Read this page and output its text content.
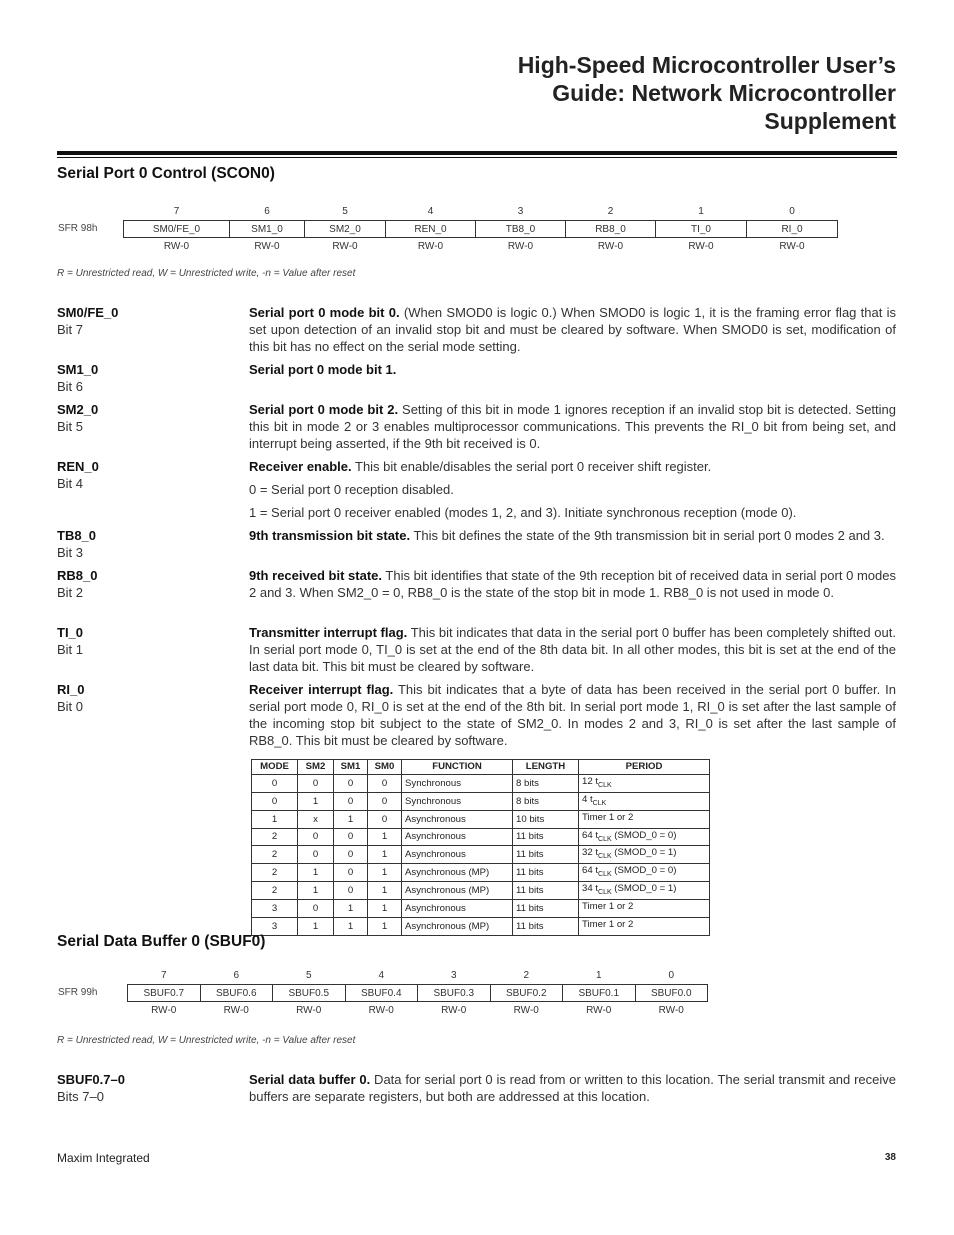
High-Speed Microcontroller User’s
Guide: Network Microcontroller
Supplement
Serial Port 0 Control (SCON0)
SFR 98h
7	6	5	4	3	2	1	0
SM0/FE_0	SM1_0	SM2_0	REN_0	TB8_0	RB8_0	TI_0	RI_0
RW-0	RW-0	RW-0	RW-0	RW-0	RW-0	RW-0	RW-0
R = Unrestricted read, W = Unrestricted write, -n = Value after reset
SM0/FE_0
Bit 7
Serial port 0 mode bit 0. (When SMOD0 is logic 0.) When SMOD0 is logic 1, it is the framing error flag that is set upon detection of an invalid stop bit and must be cleared by software. When SMOD0 is set, modification of this bit has no effect on the serial mode setting.
SM1_0
Bit 6
Serial port 0 mode bit 1.
SM2_0
Bit 5
Serial port 0 mode bit 2. Setting of this bit in mode 1 ignores reception if an invalid stop bit is detected. Setting this bit in mode 2 or 3 enables multiprocessor communications. This prevents the RI_0 bit from being set, and interrupt being asserted, if the 9th bit received is 0.
REN_0
Bit 4

Receiver enable. This bit enable/disables the serial port 0 receiver shift register.

0 = Serial port 0 reception disabled.

1 = Serial port 0 receiver enabled (modes 1, 2, and 3). Initiate synchronous reception (mode 0).

TB8_0
Bit 3
9th transmission bit state. This bit defines the state of the 9th transmission bit in serial port 0 modes 2 and 3.
RB8_0
Bit 2
9th received bit state. This bit identifies that state of the 9th reception bit of received data in serial port 0 modes 2 and 3. When SM2_0 = 0, RB8_0 is the state of the stop bit in mode 1. RB8_0 is not used in mode 0.
TI_0
Bit 1
Transmitter interrupt flag. This bit indicates that data in the serial port 0 buffer has been completely shifted out. In serial port mode 0, TI_0 is set at the end of the 8th data bit. In all other modes, this bit is set at the end of the last data bit. This bit must be cleared by software.
RI_0
Bit 0
Receiver interrupt flag. This bit indicates that a byte of data has been received in the serial port 0 buffer. In serial port mode 0, RI_0 is set at the end of the 8th bit. In serial port mode 1, RI_0 is set after the last sample of the incoming stop bit subject to the state of SM2_0. In modes 2 and 3, RI_0 is set after the last sample of RB8_0. This bit must be cleared by software.
MODE	SM2	SM1	SM0	FUNCTION	LENGTH	PERIOD
0	0	0	0	Synchronous	8 bits	12 $t_{CLK}$
0	1	0	0	Synchronous	8 bits	4 $t_{CLK}$
1	x	1	0	Asynchronous	10 bits	Timer 1 or 2
2	0	0	1	Asynchronous	11 bits	64 $t_{CLK}$ (SMOD_0 = 0)
2	0	0	1	Asynchronous	11 bits	32 $t_{CLK}$ (SMOD_0 = 1)
2	1	0	1	Asynchronous (MP)	11 bits	64 $t_{CLK}$ (SMOD_0 = 0)
2	1	0	1	Asynchronous (MP)	11 bits	34 $t_{CLK}$ (SMOD_0 = 1)
3	0	1	1	Asynchronous	11 bits	Timer 1 or 2
3	1	1	1	Asynchronous (MP)	11 bits	Timer 1 or 2
Serial Data Buffer 0 (SBUF0)
SFR 99h
7	6	5	4	3	2	1	0
SBUF0.7	SBUF0.6	SBUF0.5	SBUF0.4	SBUF0.3	SBUF0.2	SBUF0.1	SBUF0.0
RW-0	RW-0	RW-0	RW-0	RW-0	RW-0	RW-0	RW-0
R = Unrestricted read, W = Unrestricted write, -n = Value after reset
SBUF0.7–0
Bits 7–0
Serial data buffer 0. Data for serial port 0 is read from or written to this location. The serial transmit and receive buffers are separate registers, but both are addressed at this location.
Maxim Integrated	38
